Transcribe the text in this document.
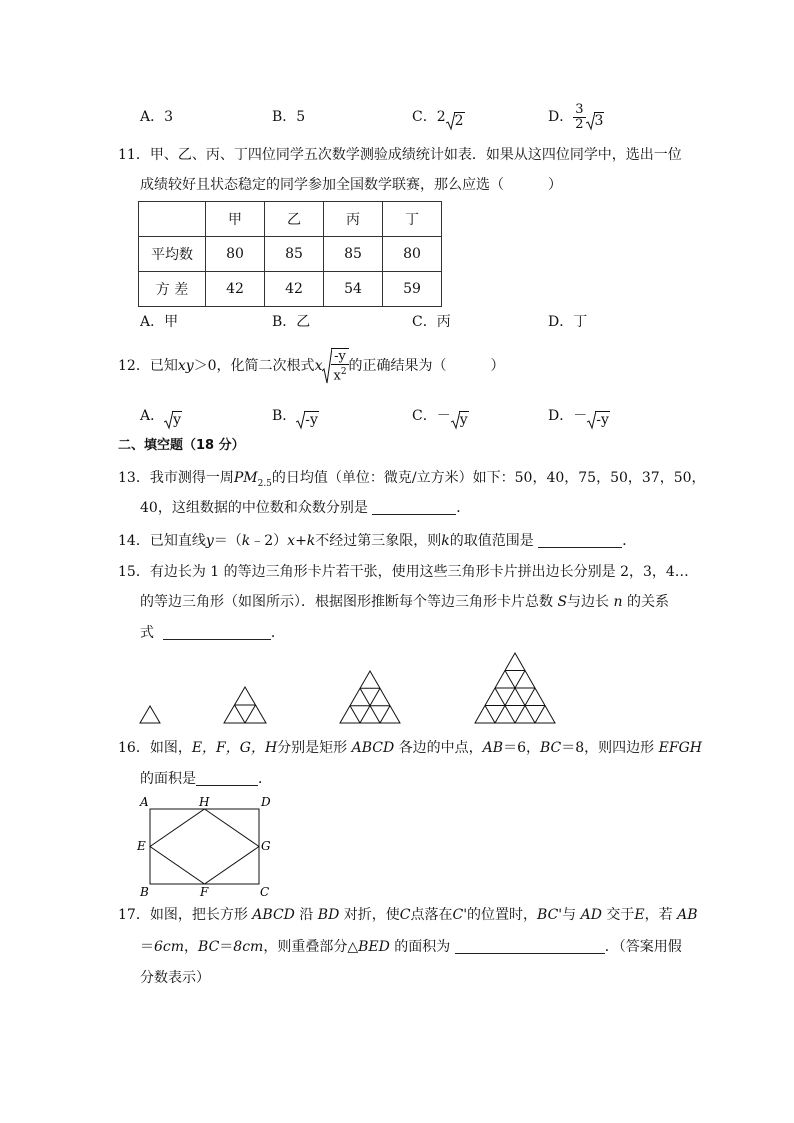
A．3	B．5	C．2 2	D． $\frac{3}{2} 3$
11．甲、乙、丙、丁四位同学五次数学测验成绩统计如表．如果从这四位同学中，选出一位
成绩较好且状态稳定的同学参加全国数学联赛，那么应选（	）
	甲	乙	丙	丁
平均数	80	85	85	80
方 差	42	42	54	59
A．甲	B．乙	C．丙	D．丁
12．已知xy＞0，化简二次根式x $\frac{-y}{x^2}$ 的正确结果为（	）
A． y	B． -y	C．－ y	D．－ -y
二、填空题（18 分）
13．我市测得一周$PM_{2.5}$的日均值（单位：微克/立方米）如下：50，40，75，50，37，50，
40，这组数据的中位数和众数分别是	．
14．已知直线y＝（k﹣2）x+k不经过第三象限，则k的取值范围是	．
15．有边长为 1 的等边三角形卡片若干张，使用这些三角形卡片拼出边长分别是 2，3，4…
的等边三角形（如图所示）．根据图形推断每个等边三角形卡片总数 S与边长 n 的关系
式	．
16．如图，E，F，G，H分别是矩形 ABCD 各边的中点，AB＝6，BC＝8，则四边形 EFGH
的面积是	．
A	H	D
E	G
B	F	C
17．如图，把长方形 ABCD 沿 BD 对折，使C点落在C'的位置时，BC'与 AD 交于E，若 AB
＝6cm，BC＝8cm，则重叠部分△BED 的面积为	．（答案用假
分数表示）
